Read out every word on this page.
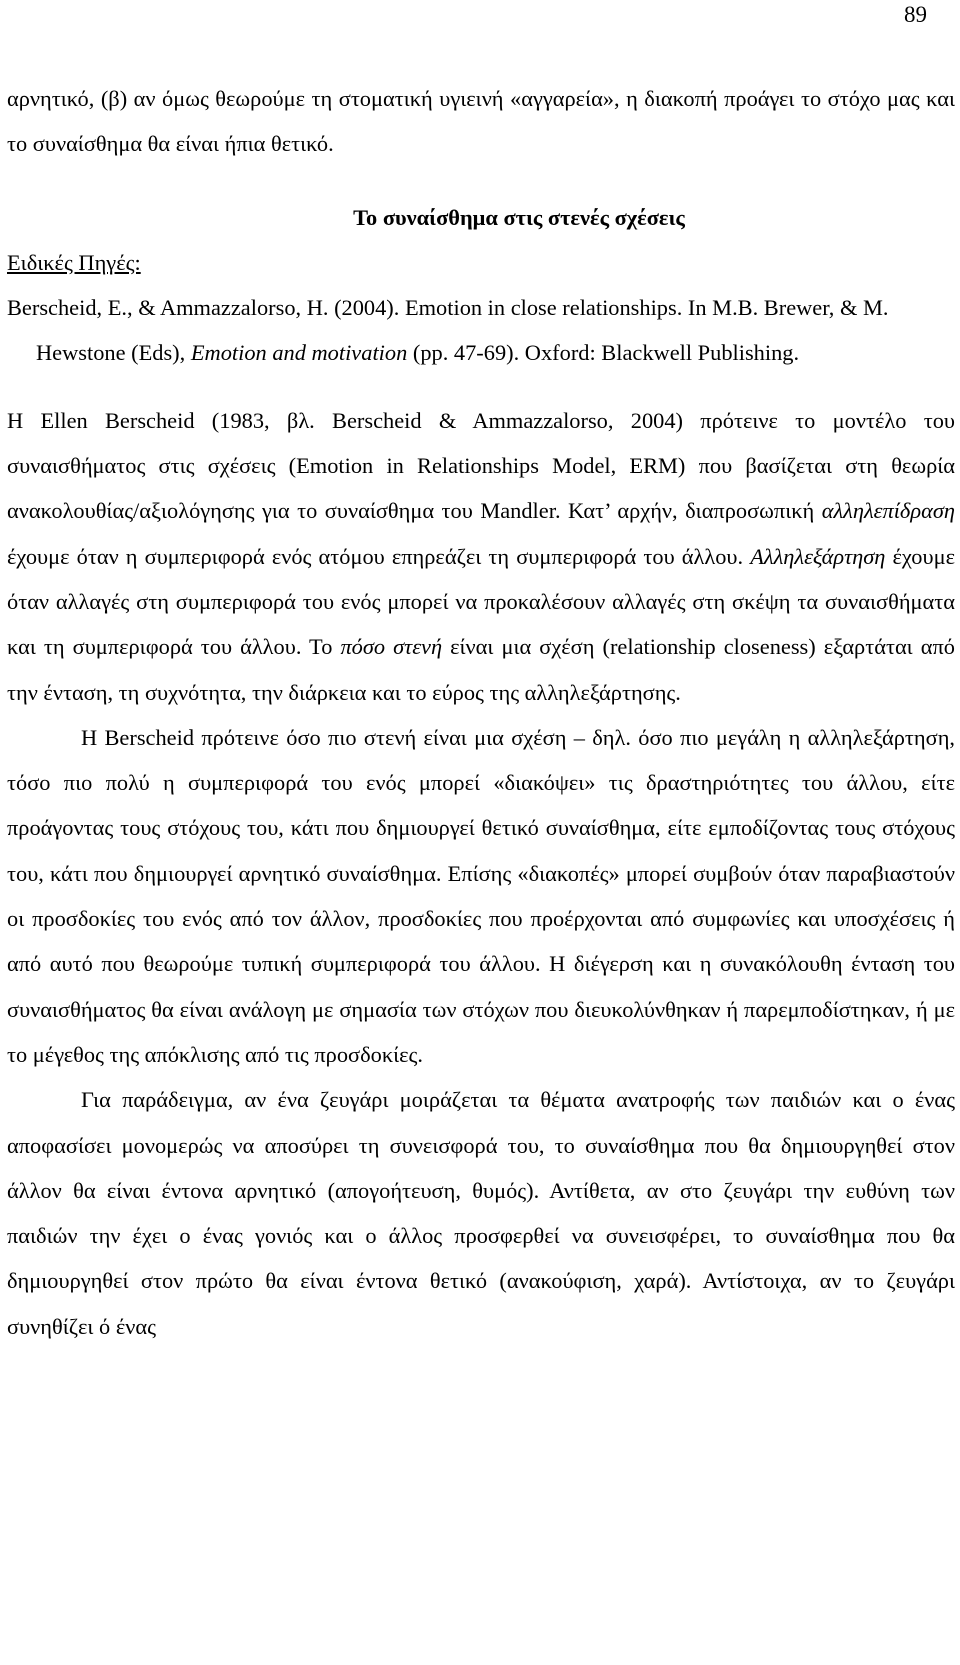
89

αρνητικό, (β) αν όμως θεωρούμε τη στοματική υγιεινή «αγγαρεία», η διακοπή προάγει το στόχο μας και το συναίσθημα θα είναι ήπια θετικό.

Το συναίσθημα στις στενές σχέσεις

Ειδικές Πηγές:

Berscheid, E., & Ammazzalorso, H. (2004). Emotion in close relationships. In M.B. Brewer, & M. Hewstone (Eds), Emotion and motivation (pp. 47-69). Oxford: Blackwell Publishing.

H Ellen Berscheid (1983, βλ. Berscheid & Ammazzalorso, 2004) πρότεινε το μοντέλο του συναισθήματος στις σχέσεις (Emotion in Relationships Model, ERM) που βασίζεται στη θεωρία ανακολουθίας/αξιολόγησης για το συναίσθημα του Mandler. Κατ’ αρχήν, διαπροσωπική αλληλεπίδραση έχουμε όταν η συμπεριφορά ενός ατόμου επηρεάζει τη συμπεριφορά του άλλου. Αλληλεξάρτηση έχουμε όταν αλλαγές στη συμπεριφορά του ενός μπορεί να προκαλέσουν αλλαγές στη σκέψη τα συναισθήματα και τη συμπεριφορά του άλλου. Το πόσο στενή είναι μια σχέση (relationship closeness) εξαρτάται από την ένταση, τη συχνότητα, την διάρκεια και το εύρος της αλληλεξάρτησης.

H Berscheid πρότεινε όσο πιο στενή είναι μια σχέση – δηλ. όσο πιο μεγάλη η αλληλεξάρτηση, τόσο πιο πολύ η συμπεριφορά του ενός μπορεί «διακόψει» τις δραστηριότητες του άλλου, είτε προάγοντας τους στόχους του, κάτι που δημιουργεί θετικό συναίσθημα, είτε εμποδίζοντας τους στόχους του, κάτι που δημιουργεί αρνητικό συναίσθημα. Επίσης «διακοπές» μπορεί συμβούν όταν παραβιαστούν οι προσδοκίες του ενός από τον άλλον, προσδοκίες που προέρχονται από συμφωνίες και υποσχέσεις ή από αυτό που θεωρούμε τυπική συμπεριφορά του άλλου. Η διέγερση και η συνακόλουθη ένταση του συναισθήματος θα είναι ανάλογη με σημασία των στόχων που διευκολύνθηκαν ή παρεμποδίστηκαν, ή με το μέγεθος της απόκλισης από τις προσδοκίες.

Για παράδειγμα, αν ένα ζευγάρι μοιράζεται τα θέματα ανατροφής των παιδιών και ο ένας αποφασίσει μονομερώς να αποσύρει τη συνεισφορά του, το συναίσθημα που θα δημιουργηθεί στον άλλον θα είναι έντονα αρνητικό (απογοήτευση, θυμός). Αντίθετα, αν στο ζευγάρι την ευθύνη των παιδιών την έχει ο ένας γονιός και ο άλλος προσφερθεί να συνεισφέρει, το συναίσθημα που θα δημιουργηθεί στον πρώτο θα είναι έντονα θετικό (ανακούφιση, χαρά). Αντίστοιχα, αν το ζευγάρι συνηθίζει ό ένας
